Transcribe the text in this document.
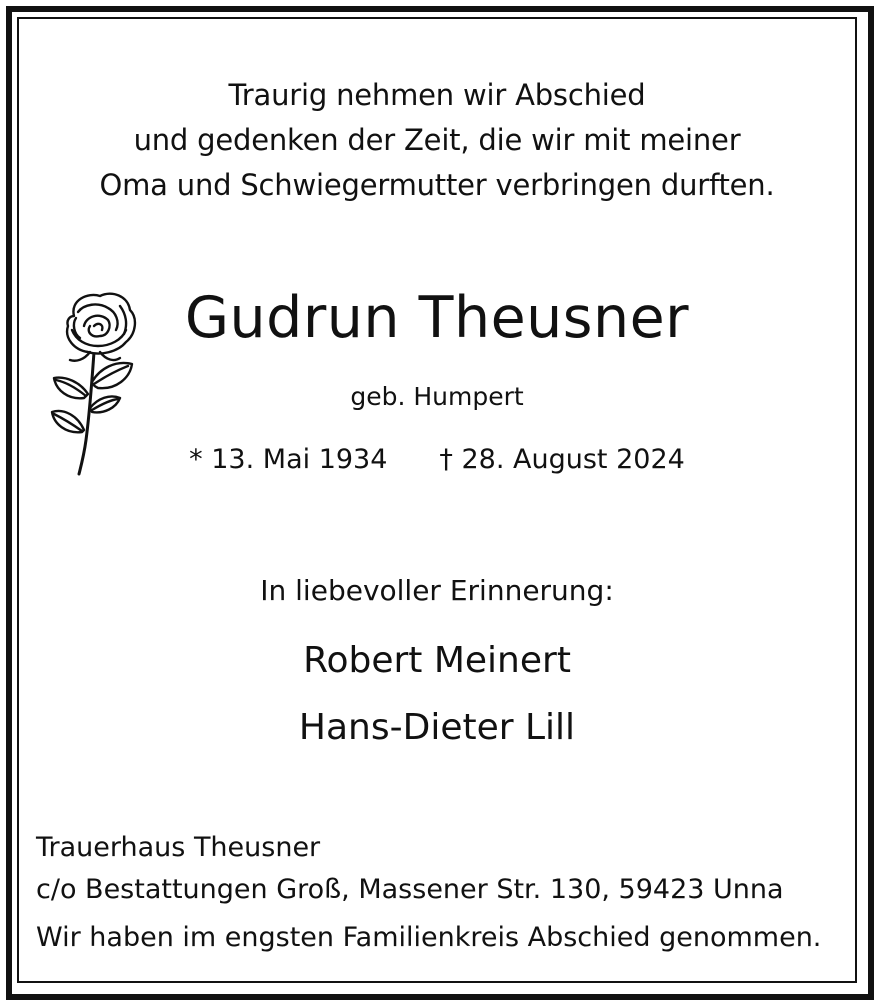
Traurig nehmen wir Abschied
und gedenken der Zeit, die wir mit meiner
Oma und Schwiegermutter verbringen durften.
Gudrun Theusner
geb. Humpert
* 13. Mai 1934 † 28. August 2024
In liebevoller Erinnerung:
Robert Meinert
Hans-Dieter Lill
Trauerhaus Theusner
c/o Bestattungen Groß, Massener Str. 130, 59423 Unna
Wir haben im engsten Familienkreis Abschied genommen.
